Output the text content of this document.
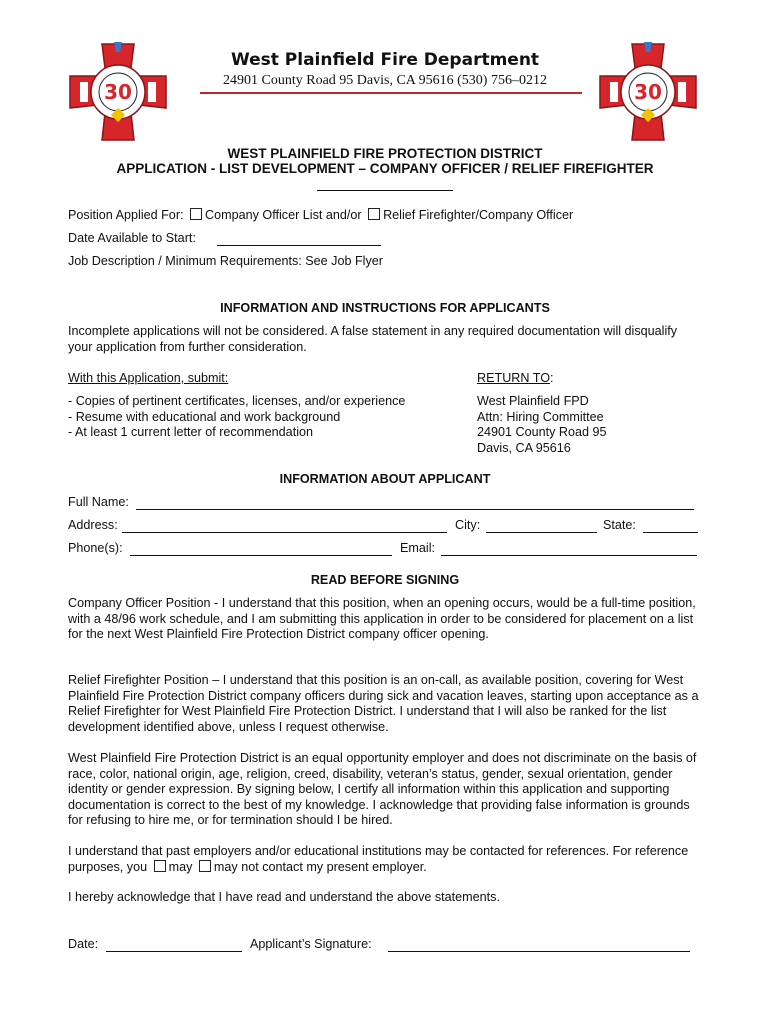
30	30
West Plainfield Fire Department
24901 County Road 95 Davis, CA 95616 (530) 756–0212
WEST PLAINFIELD FIRE PROTECTION DISTRICT
APPLICATION - LIST DEVELOPMENT – COMPANY OFFICER / RELIEF FIREFIGHTER
Position Applied For: Company Officer List and/or Relief Firefighter/Company Officer
Date Available to Start:
Job Description / Minimum Requirements: See Job Flyer
INFORMATION AND INSTRUCTIONS FOR APPLICANTS
Incomplete applications will not be considered. A false statement in any required documentation will disqualify your application from further consideration.
With this Application, submit:
- Copies of pertinent certificates, licenses, and/or experience
- Resume with educational and work background
- At least 1 current letter of recommendation
RETURN TO:
West Plainfield FPD
Attn: Hiring Committee
24901 County Road 95
Davis, CA 95616
INFORMATION ABOUT APPLICANT
Full Name:
Address:	City:	State:
Phone(s):	Email:
READ BEFORE SIGNING
Company Officer Position - I understand that this position, when an opening occurs, would be a full-time position, with a 48/96 work schedule, and I am submitting this application in order to be considered for placement on a list for the next West Plainfield Fire Protection District company officer opening.
Relief Firefighter Position – I understand that this position is an on-call, as available position, covering for West Plainfield Fire Protection District company officers during sick and vacation leaves, starting upon acceptance as a Relief Firefighter for West Plainfield Fire Protection District. I understand that I will also be ranked for the list development identified above, unless I request otherwise.
West Plainfield Fire Protection District is an equal opportunity employer and does not discriminate on the basis of race, color, national origin, age, religion, creed, disability, veteran’s status, gender, sexual orientation, gender identity or gender expression. By signing below, I certify all information within this application and supporting documentation is correct to the best of my knowledge. I acknowledge that providing false information is grounds for refusing to hire me, or for termination should I be hired.
I understand that past employers and/or educational institutions may be contacted for references. For reference purposes, you may may not contact my present employer.
I hereby acknowledge that I have read and understand the above statements.
Date:	Applicant’s Signature:
